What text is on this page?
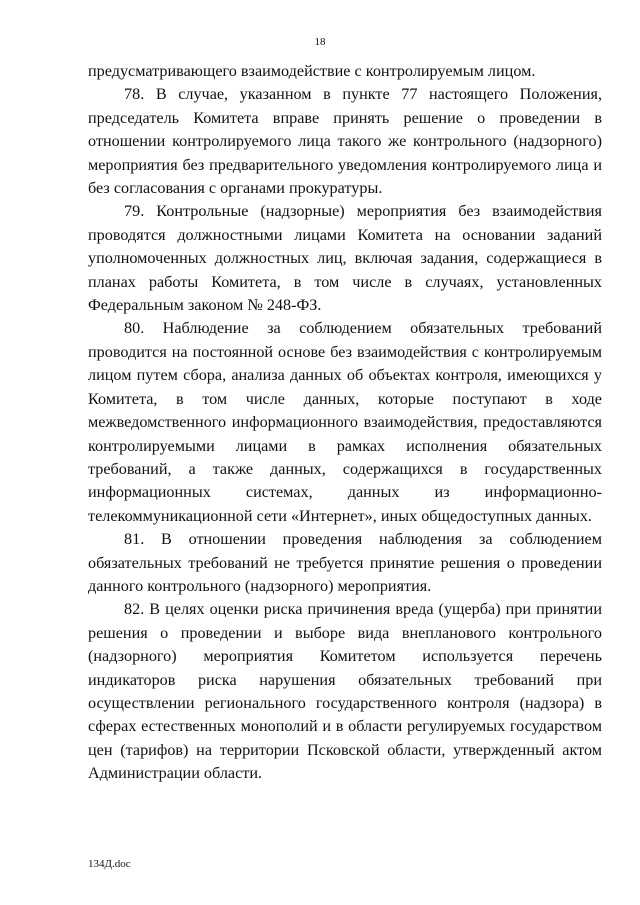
18

предусматривающего взаимодействие с контролируемым лицом.

78. В случае, указанном в пункте 77 настоящего Положения, председатель Комитета вправе принять решение о проведении в отношении контролируемого лица такого же контрольного (надзорного) мероприятия без предварительного уведомления контролируемого лица и без согласования с органами прокуратуры.

79. Контрольные (надзорные) мероприятия без взаимодействия проводятся должностными лицами Комитета на основании заданий уполномоченных должностных лиц, включая задания, содержащиеся в планах работы Комитета, в том числе в случаях, установленных Федеральным законом № 248-ФЗ.

80. Наблюдение за соблюдением обязательных требований проводится на постоянной основе без взаимодействия с контролируемым лицом путем сбора, анализа данных об объектах контроля, имеющихся у Комитета, в том числе данных, которые поступают в ходе межведомственного информационного взаимодействия, предоставляются контролируемыми лицами в рамках исполнения обязательных требований, а также данных, содержащихся в государственных информационных системах, данных из информационно-телекоммуникационной сети «Интернет», иных общедоступных данных.

81. В отношении проведения наблюдения за соблюдением обязательных требований не требуется принятие решения о проведении данного контрольного (надзорного) мероприятия.

82. В целях оценки риска причинения вреда (ущерба) при принятии решения о проведении и выборе вида внепланового контрольного (надзорного) мероприятия Комитетом используется перечень индикаторов риска нарушения обязательных требований при осуществлении регионального государственного контроля (надзора) в сферах естественных монополий и в области регулируемых государством цен (тарифов) на территории Псковской области, утвержденный актом Администрации области.

134Д.doc
